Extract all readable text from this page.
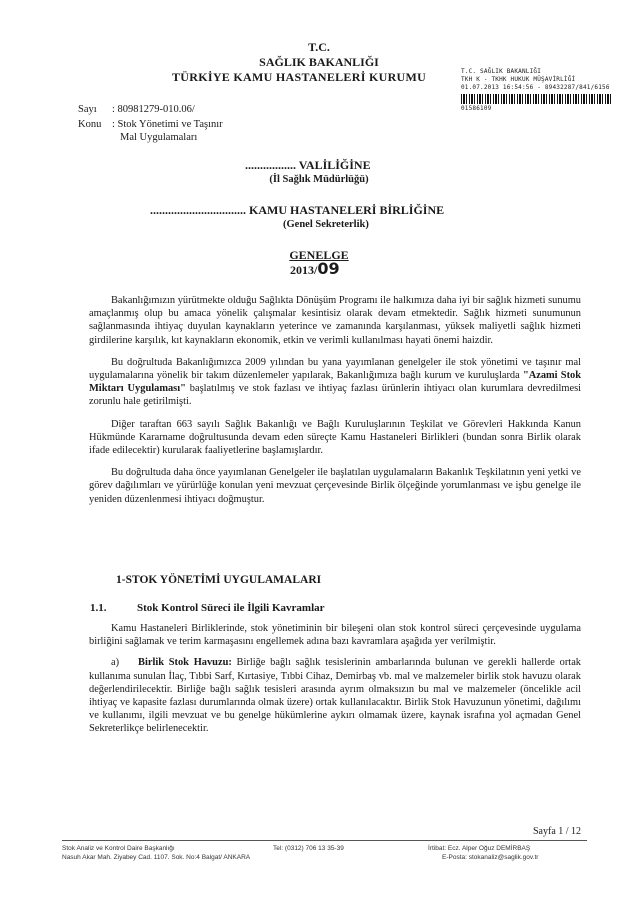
T.C.
SAĞLIK BAKANLIĞI
TÜRKİYE KAMU HASTANELERİ KURUMU	T.C. SAĞLIK BAKANLIĞI
TKH K - TKHK HUKUK MÜŞAVİRLİĞİ
01.07.2013 16:54:56 - 89432287/841/6156
01586109
Sayı : 80981279-010.06/
Konu : Stok Yönetimi ve Taşınır
Mal Uygulamaları
................. VALİLİĞİNE
(İl Sağlık Müdürlüğü)
................................ KAMU HASTANELERİ BİRLİĞİNE
(Genel Sekreterlik)
GENELGE
2013/09

Bakanlığımızın yürütmekte olduğu Sağlıkta Dönüşüm Programı ile halkımıza daha iyi bir sağlık hizmeti sunumu amaçlanmış olup bu amaca yönelik çalışmalar kesintisiz olarak devam etmektedir. Sağlık hizmeti sunumunun sağlanmasında ihtiyaç duyulan kaynakların yeterince ve zamanında karşılanması, yüksek maliyetli sağlık hizmeti girdilerine karşılık, kıt kaynakların ekonomik, etkin ve verimli kullanılması hayati önemi haizdir.

Bu doğrultuda Bakanlığımızca 2009 yılından bu yana yayımlanan genelgeler ile stok yönetimi ve taşınır mal uygulamalarına yönelik bir takım düzenlemeler yapılarak, Bakanlığımıza bağlı kurum ve kuruluşlarda "Azami Stok Miktarı Uygulaması" başlatılmış ve stok fazlası ve ihtiyaç fazlası ürünlerin ihtiyacı olan kurumlara devredilmesi zorunlu hale getirilmişti.

Diğer taraftan 663 sayılı Sağlık Bakanlığı ve Bağlı Kuruluşlarının Teşkilat ve Görevleri Hakkında Kanun Hükmünde Kararname doğrultusunda devam eden süreçte Kamu Hastaneleri Birlikleri (bundan sonra Birlik olarak ifade edilecektir) kurularak faaliyetlerine başlamışlardır.

Bu doğrultuda daha önce yayımlanan Genelgeler ile başlatılan uygulamaların Bakanlık Teşkilatının yeni yetki ve görev dağılımları ve yürürlüğe konulan yeni mevzuat çerçevesinde Birlik ölçeğinde yorumlanması ve işbu genelge ile yeniden düzenlenmesi ihtiyacı doğmuştur.

1-STOK YÖNETİMİ UYGULAMALARI
1.1.	Stok Kontrol Süreci ile İlgili Kavramlar

Kamu Hastaneleri Birliklerinde, stok yönetiminin bir bileşeni olan stok kontrol süreci çerçevesinde uygulama birliğini sağlamak ve terim karmaşasını engellemek adına bazı kavramlara aşağıda yer verilmiştir.

a) Birlik Stok Havuzu: Birliğe bağlı sağlık tesislerinin ambarlarında bulunan ve gerekli hallerde ortak kullanıma sunulan İlaç, Tıbbi Sarf, Kırtasiye, Tıbbi Cihaz, Demirbaş vb. mal ve malzemeler birlik stok havuzu olarak değerlendirilecektir. Birliğe bağlı sağlık tesisleri arasında ayrım olmaksızın bu mal ve malzemeler (öncelikle acil ihtiyaç ve kapasite fazlası durumlarında olmak üzere) ortak kullanılacaktır. Birlik Stok Havuzunun yönetimi, dağılımı ve kullanımı, ilgili mevzuat ve bu genelge hükümlerine aykırı olmamak üzere, kaynak israfına yol açmadan Genel Sekreterlikçe belirlenecektir.

Sayfa 1 / 12
Stok Analiz ve Kontrol Daire Başkanlığı
Nasuh Akar Mah. Ziyabey Cad. 1107. Sok. No:4 Balgat/ ANKARA
Tel: (0312) 706 13 35-39	İrtibat: Ecz. Alper Oğuz DEMİRBAŞ
E-Posta: stokanaliz@saglik.gov.tr
